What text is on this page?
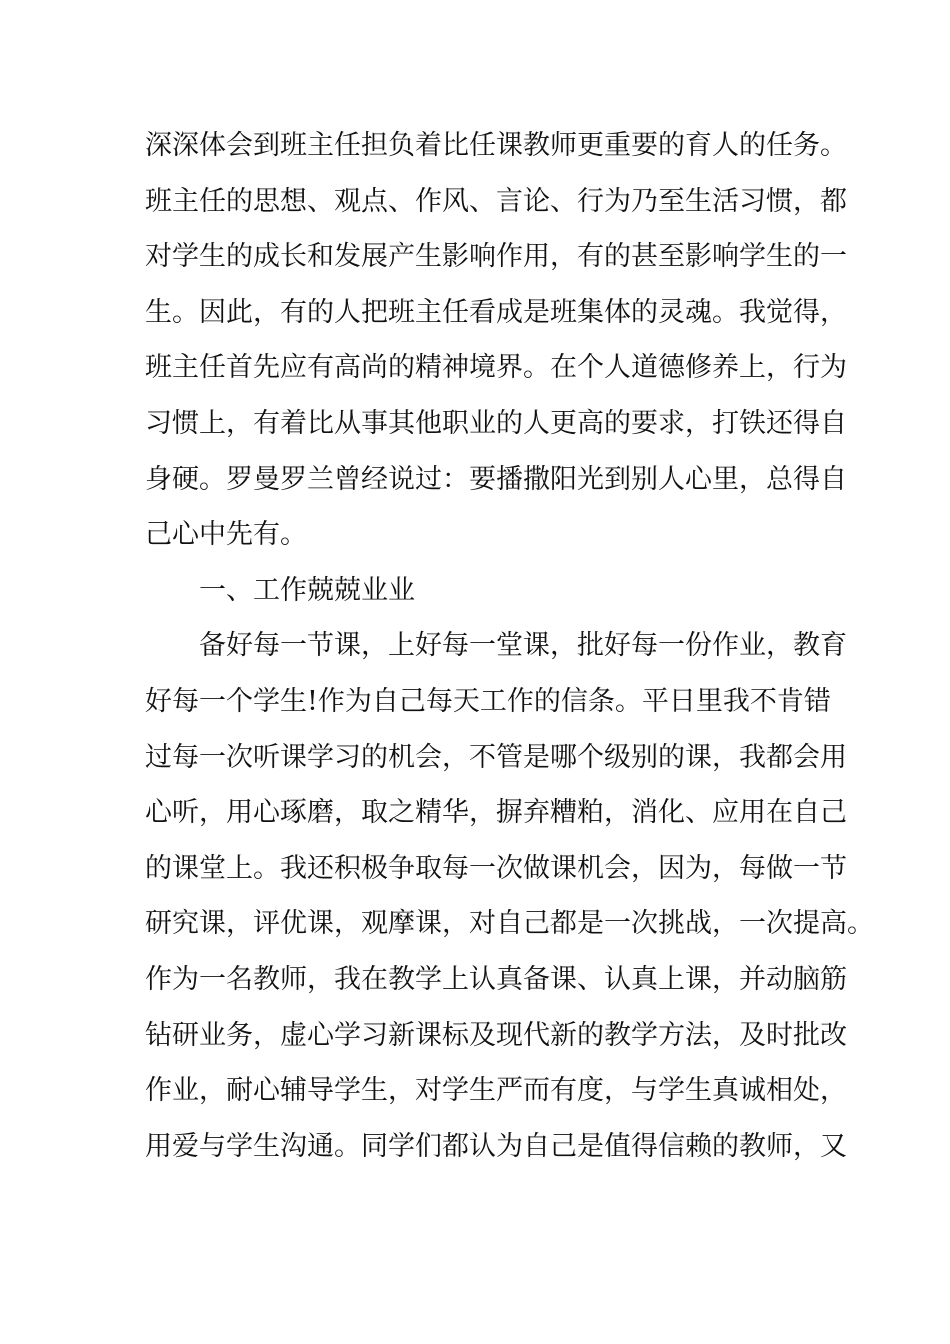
深深体会到班主任担负着比任课教师更重要的育人的任务。
班主任的思想、观点、作风、言论、行为乃至生活习惯，都
对学生的成长和发展产生影响作用，有的甚至影响学生的一
生。因此，有的人把班主任看成是班集体的灵魂。我觉得，
班主任首先应有高尚的精神境界。在个人道德修养上，行为
习惯上，有着比从事其他职业的人更高的要求，打铁还得自
身硬。罗曼罗兰曾经说过：要播撒阳光到别人心里，总得自
己心中先有。
一、工作兢兢业业
备好每一节课，上好每一堂课，批好每一份作业，教育
好每一个学生!作为自己每天工作的信条。平日里我不肯错
过每一次听课学习的机会，不管是哪个级别的课，我都会用
心听，用心琢磨，取之精华，摒弃糟粕，消化、应用在自己
的课堂上。我还积极争取每一次做课机会，因为，每做一节
研究课，评优课，观摩课，对自己都是一次挑战，一次提高。
作为一名教师，我在教学上认真备课、认真上课，并动脑筋
钻研业务，虚心学习新课标及现代新的教学方法，及时批改
作业，耐心辅导学生，对学生严而有度，与学生真诚相处，
用爱与学生沟通。同学们都认为自己是值得信赖的教师，又
